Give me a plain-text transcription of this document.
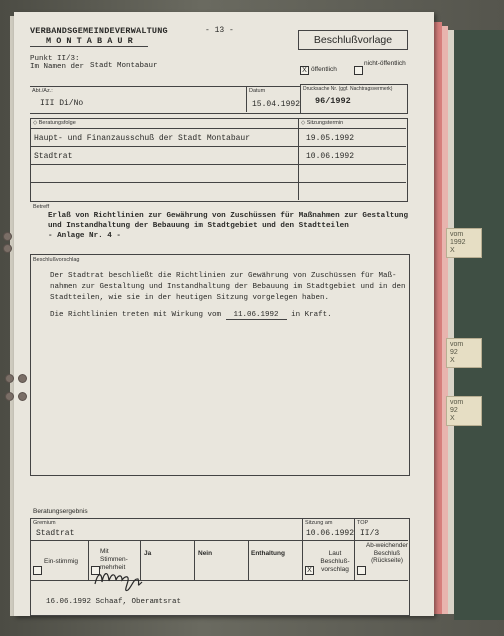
vom
1992
X
vom
92
X
vom
92
X
VERBANDSGEMEINDEVERWALTUNG
M O N T A B A U R
- 13 -
Beschlußvorlage
Punkt II/3:
Im Namen der Stadt Montabaur
X öffentlich
nicht-öffentlich
Abt./Az.:
III Di/No
Datum
15.04.1992
Drucksache Nr. (ggf. Nachtragsvermerk)
96/1992
◇ Beratungsfolge	◇ Sitzungstermin
Haupt- und Finanzausschuß der Stadt Montabaur	19.05.1992
Stadtrat	10.06.1992
Betreff
Erlaß von Richtlinien zur Gewährung von Zuschüssen für Maßnahmen zur Gestaltung
und Instandhaltung der Bebauung im Stadtgebiet und den Stadtteilen
- Anlage Nr. 4 -
Beschlußvorschlag
Der Stadtrat beschließt die Richtlinien zur Gewährung von Zuschüssen für Maß-
nahmen zur Gestaltung und Instandhaltung der Bebauung im Stadtgebiet und in den
Stadtteilen, wie sie in der heutigen Sitzung vorgelegen haben.
Die Richtlinien treten mit Wirkung vom 11.06.1992 in Kraft.
Beratungsergebnis
Gremium
Stadtrat
Sitzung am
10.06.1992
TOP
II/3
Ein-stimmig
Mit Stimmen-mehrheit
Ja	Nein	Enthaltung
X
Laut Beschluß-vorschlag
Ab-weichender Beschluß (Rückseite)
16.06.1992 Schaaf, Oberamtsrat
